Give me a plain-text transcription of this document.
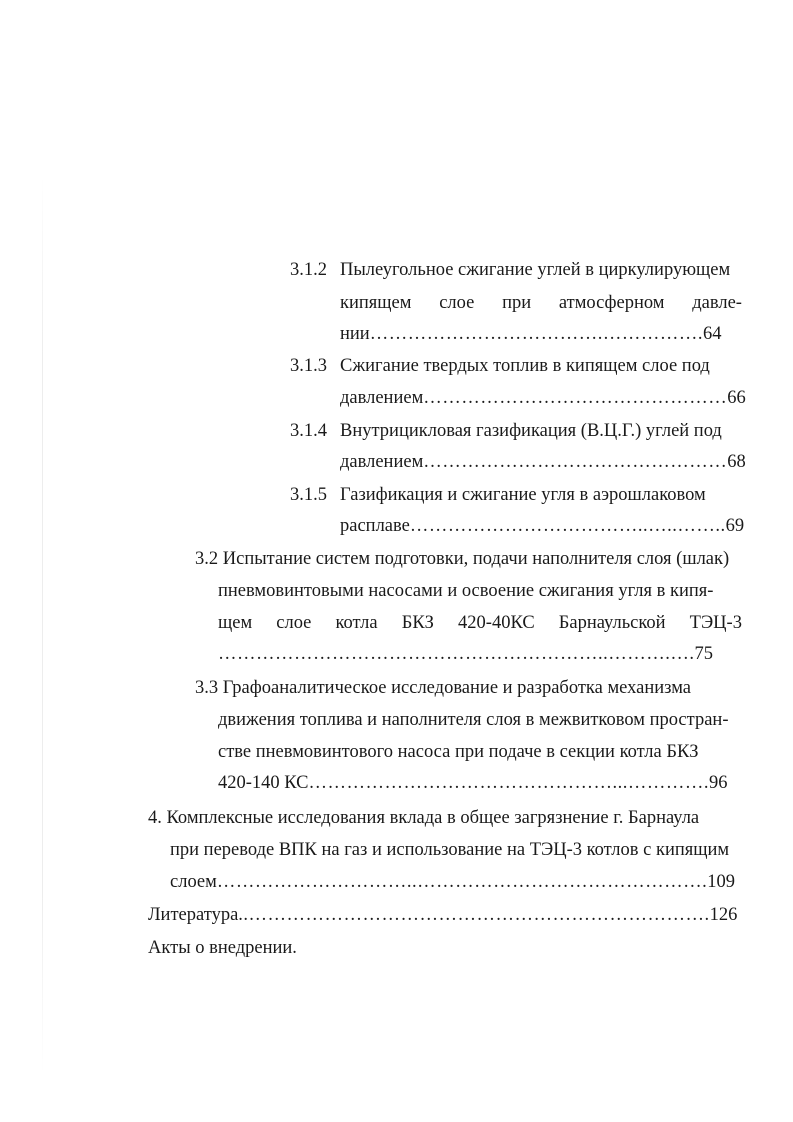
3.1.2 Пылеугольное сжигание углей в циркулирующем
кипящем слое при атмосферном давле-
нии……………………………….…………….64
3.1.3 Сжигание твердых топлив в кипящем слое под
давлением…………………………………………66
3.1.4 Внутрицикловая газификация (В.Ц.Г.) углей под
давлением…………………………………………68
3.1.5 Газификация и сжигание угля в аэрошлаковом
расплаве………………………………..…..……..69
3.2 Испытание систем подготовки, подачи наполнителя слоя (шлак)
пневмовинтовыми насосами и освоение сжигания угля в кипя-
щем слое котла БКЗ 420-40КС Барнаульской ТЭЦ-3
……………………………………………………..……….….75
3.3 Графоаналитическое исследование и разработка механизма
движения топлива и наполнителя слоя в межвитковом простран-
стве пневмовинтового насоса при подаче в секции котла БКЗ
420-140 КС…………………………………………...………….96
4. Комплексные исследования вклада в общее загрязнение г. Барнаула
при переводе ВПК на газ и использование на ТЭЦ-3 котлов с кипящим
слоем…………………………..……………………………………….109
Литература..……………………………………………………………….126
Акты о внедрении.
